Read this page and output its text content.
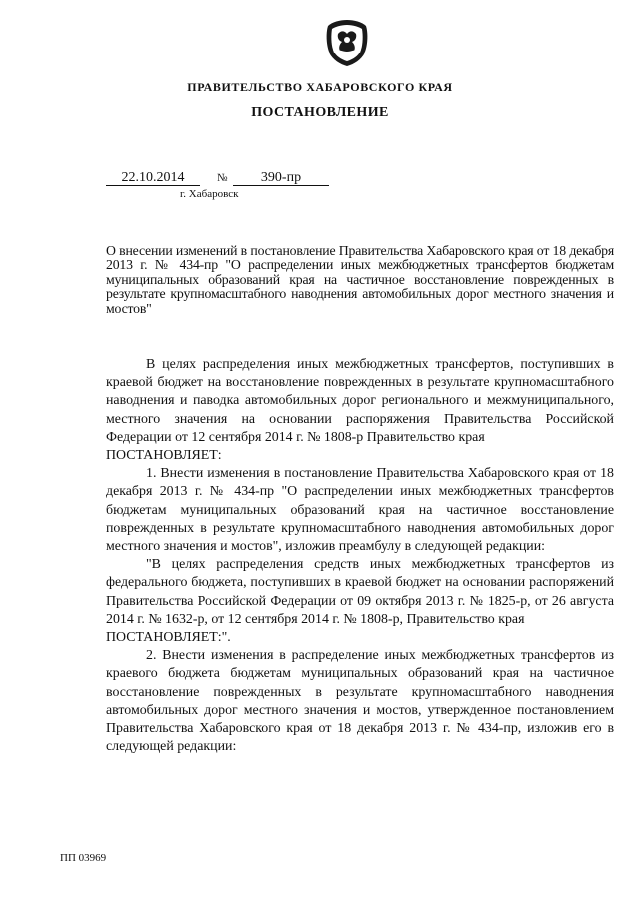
ПРАВИТЕЛЬСТВО ХАБАРОВСКОГО КРАЯ
ПОСТАНОВЛЕНИЕ
22.10.2014	№	390-пр
г. Хабаровск
О внесении изменений в постановление Правительства Хабаровского края от 18 декабря 2013 г. № 434-пр "О распределении иных межбюджетных трансфертов бюджетам муниципальных образований края на частичное восстановление поврежденных в результате крупномасштабного наводнения автомобильных дорог местного значения и мостов"

В целях распределения иных межбюджетных трансфертов, поступивших в краевой бюджет на восстановление поврежденных в результате крупномасштабного наводнения и паводка автомобильных дорог регионального и межмуниципального, местного значения на основании распоряжения Правительства Российской Федерации от 12 сентября 2014 г. № 1808-р Правительство края

ПОСТАНОВЛЯЕТ:

1. Внести изменения в постановление Правительства Хабаровского края от 18 декабря 2013 г. № 434-пр "О распределении иных межбюджетных трансфертов бюджетам муниципальных образований края на частичное восстановление поврежденных в результате крупномасштабного наводнения автомобильных дорог местного значения и мостов", изложив преамбулу в следующей редакции:

"В целях распределения средств иных межбюджетных трансфертов из федерального бюджета, поступивших в краевой бюджет на основании распоряжений Правительства Российской Федерации от 09 октября 2013 г. № 1825-р, от 26 августа 2014 г. № 1632-р, от 12 сентября 2014 г. № 1808-р, Правительство края

ПОСТАНОВЛЯЕТ:".

2. Внести изменения в распределение иных межбюджетных трансфертов из краевого бюджета бюджетам муниципальных образований края на частичное восстановление поврежденных в результате крупномасштабного наводнения автомобильных дорог местного значения и мостов, утвержденное постановлением Правительства Хабаровского края от 18 декабря 2013 г. № 434-пр, изложив его в следующей редакции:

ПП 03969
